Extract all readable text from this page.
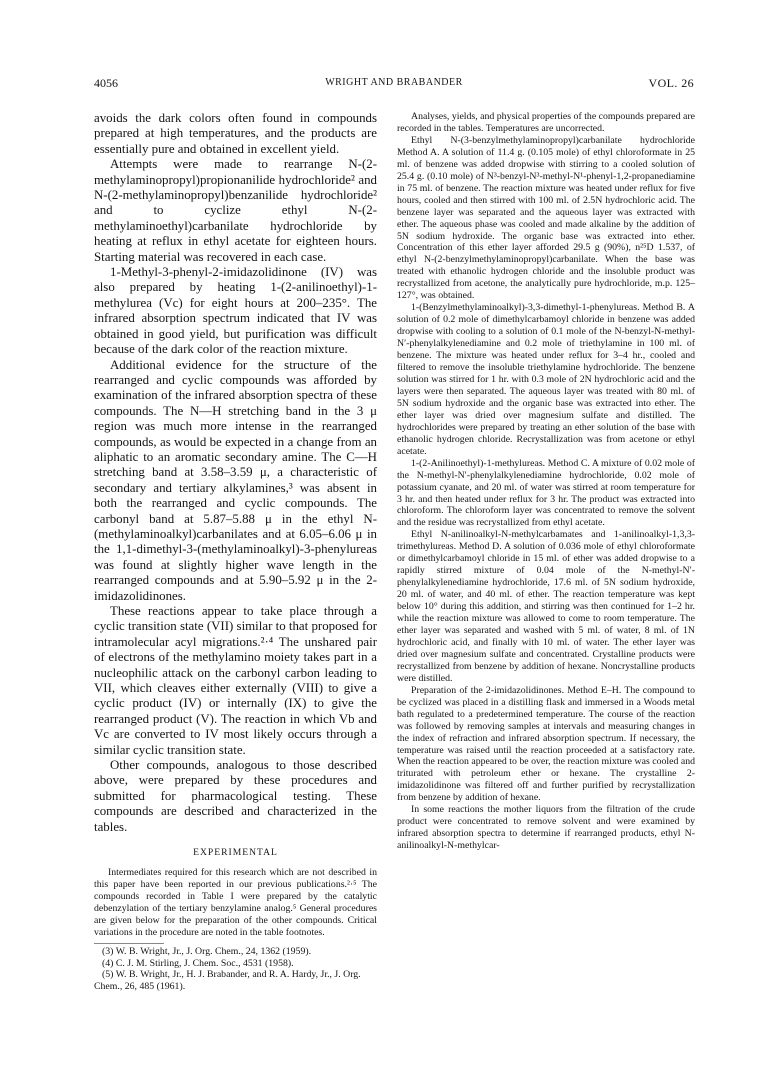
4056	WRIGHT AND BRABANDER	VOL. 26

avoids the dark colors often found in compounds prepared at high temperatures, and the products are essentially pure and obtained in excellent yield.

Attempts were made to rearrange N-(2-methylaminopropyl)propionanilide hydrochloride² and N-(2-methylaminopropyl)benzanilide hydrochloride² and to cyclize ethyl N-(2-methylaminoethyl)carbanilate hydrochloride by heating at reflux in ethyl acetate for eighteen hours. Starting material was recovered in each case.

1-Methyl-3-phenyl-2-imidazolidinone (IV) was also prepared by heating 1-(2-anilinoethyl)-1-methylurea (Vc) for eight hours at 200–235°. The infrared absorption spectrum indicated that IV was obtained in good yield, but purification was difficult because of the dark color of the reaction mixture.

Additional evidence for the structure of the rearranged and cyclic compounds was afforded by examination of the infrared absorption spectra of these compounds. The N—H stretching band in the 3 μ region was much more intense in the rearranged compounds, as would be expected in a change from an aliphatic to an aromatic secondary amine. The C—H stretching band at 3.58–3.59 μ, a characteristic of secondary and tertiary alkylamines,³ was absent in both the rearranged and cyclic compounds. The carbonyl band at 5.87–5.88 μ in the ethyl N-(methylaminoalkyl)carbanilates and at 6.05–6.06 μ in the 1,1-dimethyl-3-(methylaminoalkyl)-3-phenylureas was found at slightly higher wave length in the rearranged compounds and at 5.90–5.92 μ in the 2-imidazolidinones.

These reactions appear to take place through a cyclic transition state (VII) similar to that proposed for intramolecular acyl migrations.²·⁴ The unshared pair of electrons of the methylamino moiety takes part in a nucleophilic attack on the carbonyl carbon leading to VII, which cleaves either externally (VIII) to give a cyclic product (IV) or internally (IX) to give the rearranged product (V). The reaction in which Vb and Vc are converted to IV most likely occurs through a similar cyclic transition state.

Other compounds, analogous to those described above, were prepared by these procedures and submitted for pharmacological testing. These compounds are described and characterized in the tables.

EXPERIMENTAL

Intermediates required for this research which are not described in this paper have been reported in our previous publications.²·⁵ The compounds recorded in Table I were prepared by the catalytic debenzylation of the tertiary benzylamine analog.⁵ General procedures are given below for the preparation of the other compounds. Critical variations in the procedure are noted in the table footnotes.

(3) W. B. Wright, Jr., J. Org. Chem., 24, 1362 (1959).
(4) C. J. M. Stirling, J. Chem. Soc., 4531 (1958).
(5) W. B. Wright, Jr., H. J. Brabander, and R. A. Hardy, Jr., J. Org. Chem., 26, 485 (1961).

Analyses, yields, and physical properties of the compounds prepared are recorded in the tables. Temperatures are uncorrected.

Ethyl N-(3-benzylmethylaminopropyl)carbanilate hydrochloride Method A. A solution of 11.4 g. (0.105 mole) of ethyl chloroformate in 25 ml. of benzene was added dropwise with stirring to a cooled solution of 25.4 g. (0.10 mole) of N³-benzyl-N³-methyl-N¹-phenyl-1,2-propanediamine in 75 ml. of benzene. The reaction mixture was heated under reflux for five hours, cooled and then stirred with 100 ml. of 2.5N hydrochloric acid. The benzene layer was separated and the aqueous layer was extracted with ether. The aqueous phase was cooled and made alkaline by the addition of 5N sodium hydroxide. The organic base was extracted into ether. Concentration of this ether layer afforded 29.5 g (90%), n²⁵D 1.537, of ethyl N-(2-benzylmethylaminopropyl)carbanilate. When the base was treated with ethanolic hydrogen chloride and the insoluble product was recrystallized from acetone, the analytically pure hydrochloride, m.p. 125–127°, was obtained.

1-(Benzylmethylaminoalkyl)-3,3-dimethyl-1-phenylureas. Method B. A solution of 0.2 mole of dimethylcarbamoyl chloride in benzene was added dropwise with cooling to a solution of 0.1 mole of the N-benzyl-N-methyl-N′-phenylalkylenediamine and 0.2 mole of triethylamine in 100 ml. of benzene. The mixture was heated under reflux for 3–4 hr., cooled and filtered to remove the insoluble triethylamine hydrochloride. The benzene solution was stirred for 1 hr. with 0.3 mole of 2N hydrochloric acid and the layers were then separated. The aqueous layer was treated with 80 ml. of 5N sodium hydroxide and the organic base was extracted into ether. The ether layer was dried over magnesium sulfate and distilled. The hydrochlorides were prepared by treating an ether solution of the base with ethanolic hydrogen chloride. Recrystallization was from acetone or ethyl acetate.

1-(2-Anilinoethyl)-1-methylureas. Method C. A mixture of 0.02 mole of the N-methyl-N′-phenylalkylenediamine hydrochloride, 0.02 mole of potassium cyanate, and 20 ml. of water was stirred at room temperature for 3 hr. and then heated under reflux for 3 hr. The product was extracted into chloroform. The chloroform layer was concentrated to remove the solvent and the residue was recrystallized from ethyl acetate.

Ethyl N-anilinoalkyl-N-methylcarbamates and 1-anilinoalkyl-1,3,3-trimethylureas. Method D. A solution of 0.036 mole of ethyl chloroformate or dimethylcarbamoyl chloride in 15 ml. of ether was added dropwise to a rapidly stirred mixture of 0.04 mole of the N-methyl-N′-phenylalkylenediamine hydrochloride, 17.6 ml. of 5N sodium hydroxide, 20 ml. of water, and 40 ml. of ether. The reaction temperature was kept below 10° during this addition, and stirring was then continued for 1–2 hr. while the reaction mixture was allowed to come to room temperature. The ether layer was separated and washed with 5 ml. of water, 8 ml. of 1N hydrochloric acid, and finally with 10 ml. of water. The ether layer was dried over magnesium sulfate and concentrated. Crystalline products were recrystallized from benzene by addition of hexane. Noncrystalline products were distilled.

Preparation of the 2-imidazolidinones. Method E–H. The compound to be cyclized was placed in a distilling flask and immersed in a Woods metal bath regulated to a predetermined temperature. The course of the reaction was followed by removing samples at intervals and measuring changes in the index of refraction and infrared absorption spectrum. If necessary, the temperature was raised until the reaction proceeded at a satisfactory rate. When the reaction appeared to be over, the reaction mixture was cooled and triturated with petroleum ether or hexane. The crystalline 2-imidazolidinone was filtered off and further purified by recrystallization from benzene by addition of hexane.

In some reactions the mother liquors from the filtration of the crude product were concentrated to remove solvent and were examined by infrared absorption spectra to determine if rearranged products, ethyl N-anilinoalkyl-N-methylcar-
